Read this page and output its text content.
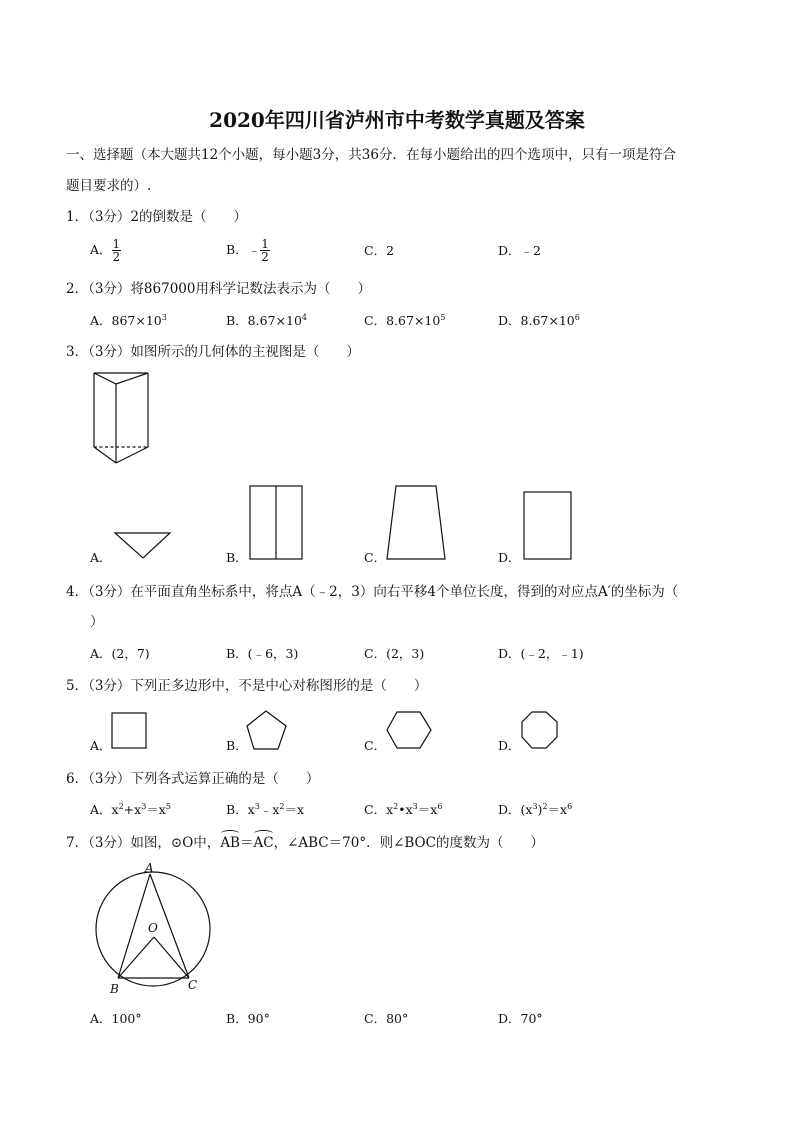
2020年四川省泸州市中考数学真题及答案
一、选择题（本大题共12个小题，每小题3分，共36分．在每小题给出的四个选项中，只有一项是符合
题目要求的）.
1．（3分）2的倒数是（　　）
A． $\frac{1}{2}$	B．﹣ $\frac{1}{2}$	C．2	D．﹣2
2．（3分）将867000用科学记数法表示为（　　）
A．$867\times 10^3$	B．$8.67\times 10^4$	C．$8.67\times 10^5$	D．$8.67\times 10^6$
3．（3分）如图所示的几何体的主视图是（　　）
A．	B．	C．	D．
4．（3分）在平面直角坐标系中，将点A（﹣2，3）向右平移4个单位长度，得到的对应点A′的坐标为（
）
A．(2，7)	B．(﹣6，3)	C．(2，3)	D．(﹣2，﹣1)
5．（3分）下列正多边形中，不是中心对称图形的是（　　）
A．	B．	C．	D．
6．（3分）下列各式运算正确的是（　　）
A．$x^2+x^3=x^5$	B．$x^3﹣x^2=x$	C．$x^2•x^3=x^6$	D．$(x^3)^2=x^6$
7．（3分）如图，⊙O中，AB＝AC，∠ABC＝70°．则∠BOC的度数为（　　）
A
O
B	C
A．100°	B．90°	C．80°	D．70°
